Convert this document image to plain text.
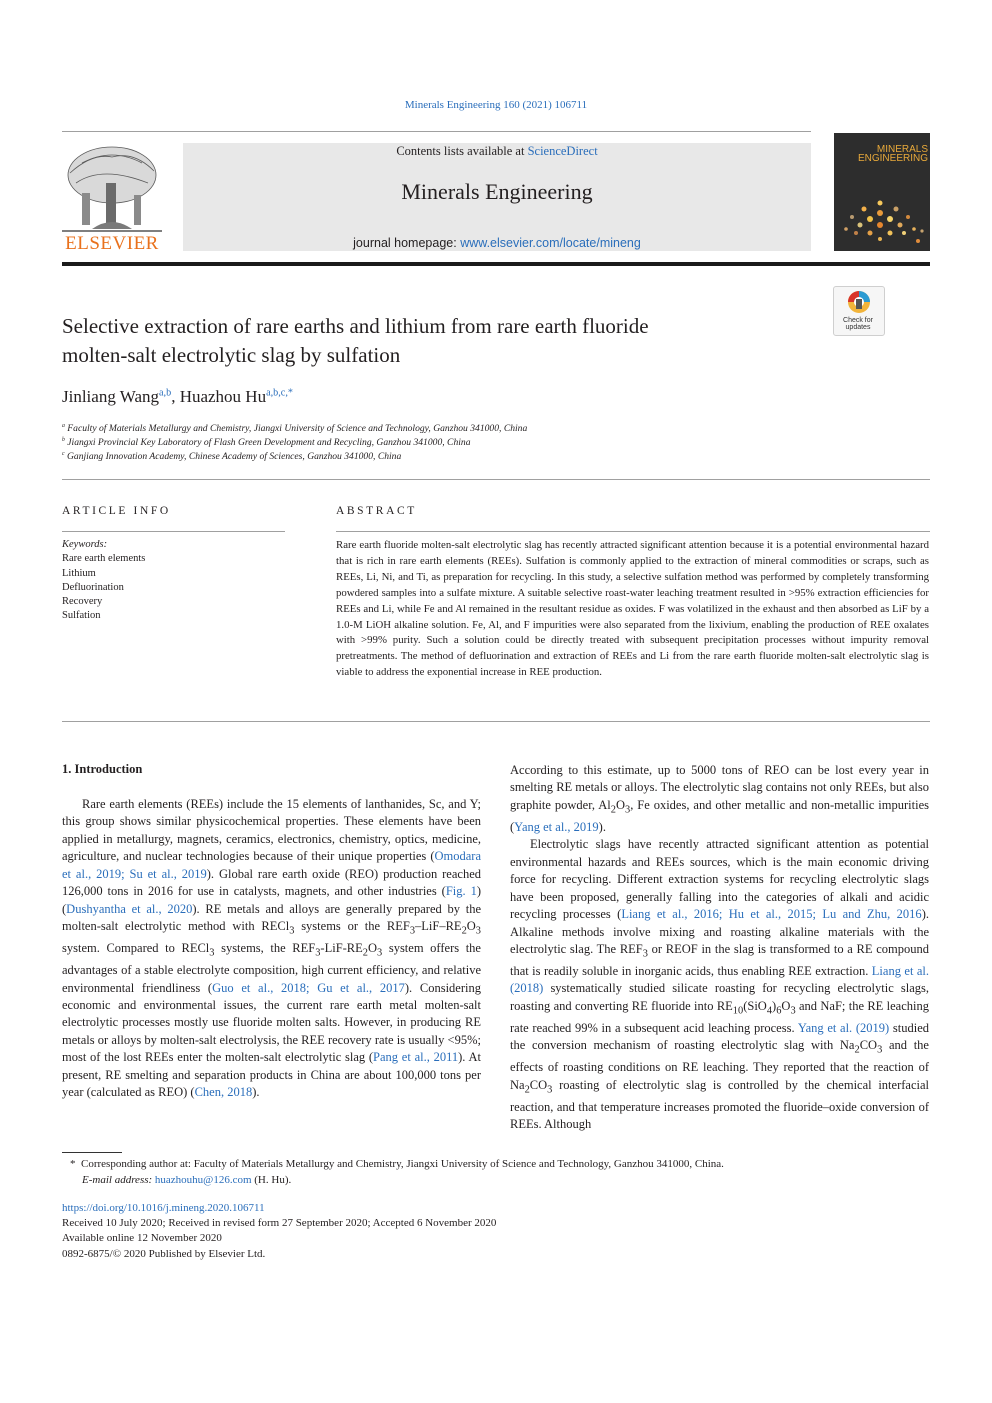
Minerals Engineering 160 (2021) 106711
ELSEVIER
Contents lists available at ScienceDirect
Minerals Engineering
journal homepage: www.elsevier.com/locate/mineng
MINERALS
ENGINEERING
Check for
updates
Selective extraction of rare earths and lithium from rare earth fluoride
molten-salt electrolytic slag by sulfation
Jinliang Wang$^{a,b}$, Huazhou Hu$^{a,b,c,*}$
$^a$ Faculty of Materials Metallurgy and Chemistry, Jiangxi University of Science and Technology, Ganzhou 341000, China
$^b$ Jiangxi Provincial Key Laboratory of Flash Green Development and Recycling, Ganzhou 341000, China
$^c$ Ganjiang Innovation Academy, Chinese Academy of Sciences, Ganzhou 341000, China
ARTICLE INFO	ABSTRACT
Keywords:
Rare earth elements
Lithium
Defluorination
Recovery
Sulfation
Rare earth fluoride molten-salt electrolytic slag has recently attracted significant attention because it is a potential environmental hazard that is rich in rare earth elements (REEs). Sulfation is commonly applied to the extraction of mineral commodities or scraps, such as REEs, Li, Ni, and Ti, as preparation for recycling. In this study, a selective sulfation method was performed by completely transforming powdered samples into a sulfate mixture. A suitable selective roast-water leaching treatment resulted in >95% extraction efficiencies for REEs and Li, while Fe and Al remained in the resultant residue as oxides. F was volatilized in the exhaust and then absorbed as LiF by a 1.0-M LiOH alkaline solution. Fe, Al, and F impurities were also separated from the lixivium, enabling the production of REE oxalates with >99% purity. Such a solution could be directly treated with subsequent precipitation processes without impurity removal pretreatments. The method of defluorination and extraction of REEs and Li from the rare earth fluoride molten-salt electrolytic slag is viable to address the exponential increase in REE production.
1. Introduction

Rare earth elements (REEs) include the 15 elements of lanthanides, Sc, and Y; this group shows similar physicochemical properties. These elements have been applied in metallurgy, magnets, ceramics, electronics, chemistry, optics, medicine, agriculture, and nuclear technologies because of their unique properties (Omodara et al., 2019; Su et al., 2019). Global rare earth oxide (REO) production reached 126,000 tons in 2016 for use in catalysts, magnets, and other industries (Fig. 1) (Dushyantha et al., 2020). RE metals and alloys are generally prepared by the molten-salt electrolytic method with RECl$_3$ systems or the $REF_3-LiF-RE_2O_3$ system. Compared to RECl$_3$ systems, the $REF_3-LiF-RE_2O_3$ system offers the advantages of a stable electrolyte composition, high current efficiency, and relative environmental friendliness (Guo et al., 2018; Gu et al., 2017). Considering economic and environmental issues, the current rare earth metal molten-salt electrolytic processes mostly use fluoride molten salts. However, in producing RE metals or alloys by molten-salt electrolysis, the REE recovery rate is usually <95%; most of the lost REEs enter the molten-salt electrolytic slag (Pang et al., 2011). At present, RE smelting and separation products in China are about 100,000 tons per year (calculated as REO) (Chen, 2018).

According to this estimate, up to 5000 tons of REO can be lost every year in smelting RE metals or alloys. The electrolytic slag contains not only REEs, but also graphite powder, $Al_2O_3$, Fe oxides, and other metallic and non-metallic impurities (Yang et al., 2019).

Electrolytic slags have recently attracted significant attention as potential environmental hazards and REEs sources, which is the main economic driving force for recycling. Different extraction systems for recycling electrolytic slags have been proposed, generally falling into the categories of alkali and acidic recycling processes (Liang et al., 2016; Hu et al., 2015; Lu and Zhu, 2016). Alkaline methods involve mixing and roasting alkaline materials with the electrolytic slag. The $REF_3$ or REOF in the slag is transformed to a RE compound that is readily soluble in inorganic acids, thus enabling REE extraction. Liang et al. (2018) systematically studied silicate roasting for recycling electrolytic slags, roasting and converting RE fluoride into $RE_{10}(SiO_4)_6O_3$ and NaF; the RE leaching rate reached 99% in a subsequent acid leaching process. Yang et al. (2019) studied the conversion mechanism of roasting electrolytic slag with $Na_2CO_3$ and the effects of roasting conditions on RE leaching. They reported that the reaction of $Na_2CO_3$ roasting of electrolytic slag is controlled by the chemical interfacial reaction, and that temperature increases promoted the fluoride–oxide conversion of REEs. Although

* Corresponding author at: Faculty of Materials Metallurgy and Chemistry, Jiangxi University of Science and Technology, Ganzhou 341000, China.
E-mail address: huazhouhu@126.com (H. Hu).
https://doi.org/10.1016/j.mineng.2020.106711
Received 10 July 2020; Received in revised form 27 September 2020; Accepted 6 November 2020
Available online 12 November 2020
0892-6875/© 2020 Published by Elsevier Ltd.
